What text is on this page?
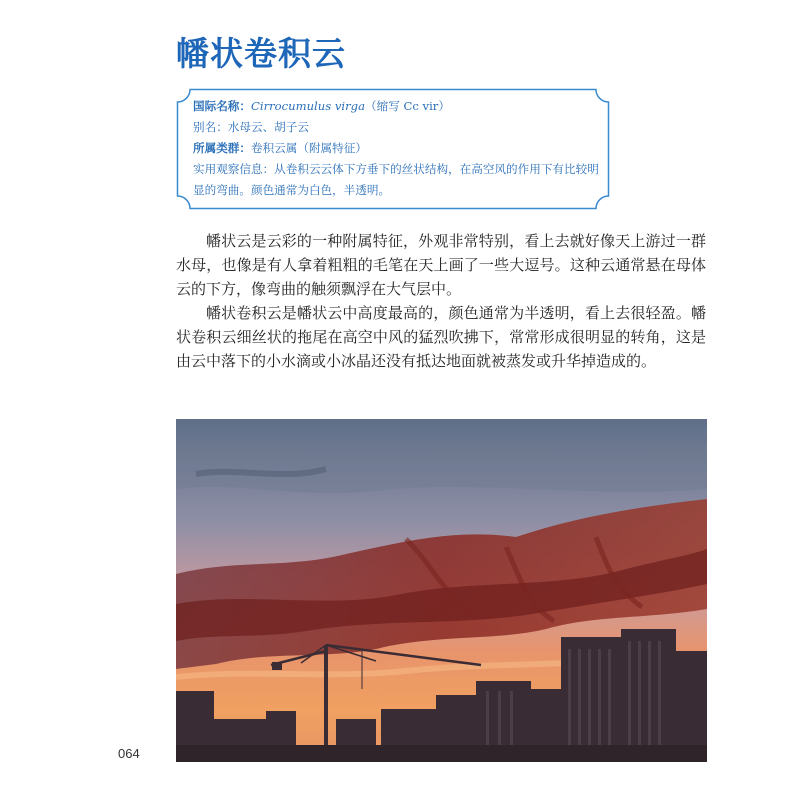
幡状卷积云
国际名称：Cirrocumulus virga（缩写 Cc vir）
别名：水母云、胡子云
所属类群：卷积云属（附属特征）
实用观察信息：从卷积云云体下方垂下的丝状结构，在高空风的作用下有比较明显的弯曲。颜色通常为白色，半透明。

幡状云是云彩的一种附属特征，外观非常特别，看上去就好像天上游过一群水母，也像是有人拿着粗粗的毛笔在天上画了一些大逗号。这种云通常悬在母体云的下方，像弯曲的触须飘浮在大气层中。

幡状卷积云是幡状云中高度最高的，颜色通常为半透明，看上去很轻盈。幡状卷积云细丝状的拖尾在高空中风的猛烈吹拂下，常常形成很明显的转角，这是由云中落下的小水滴或小冰晶还没有抵达地面就被蒸发或升华掉造成的。

064
